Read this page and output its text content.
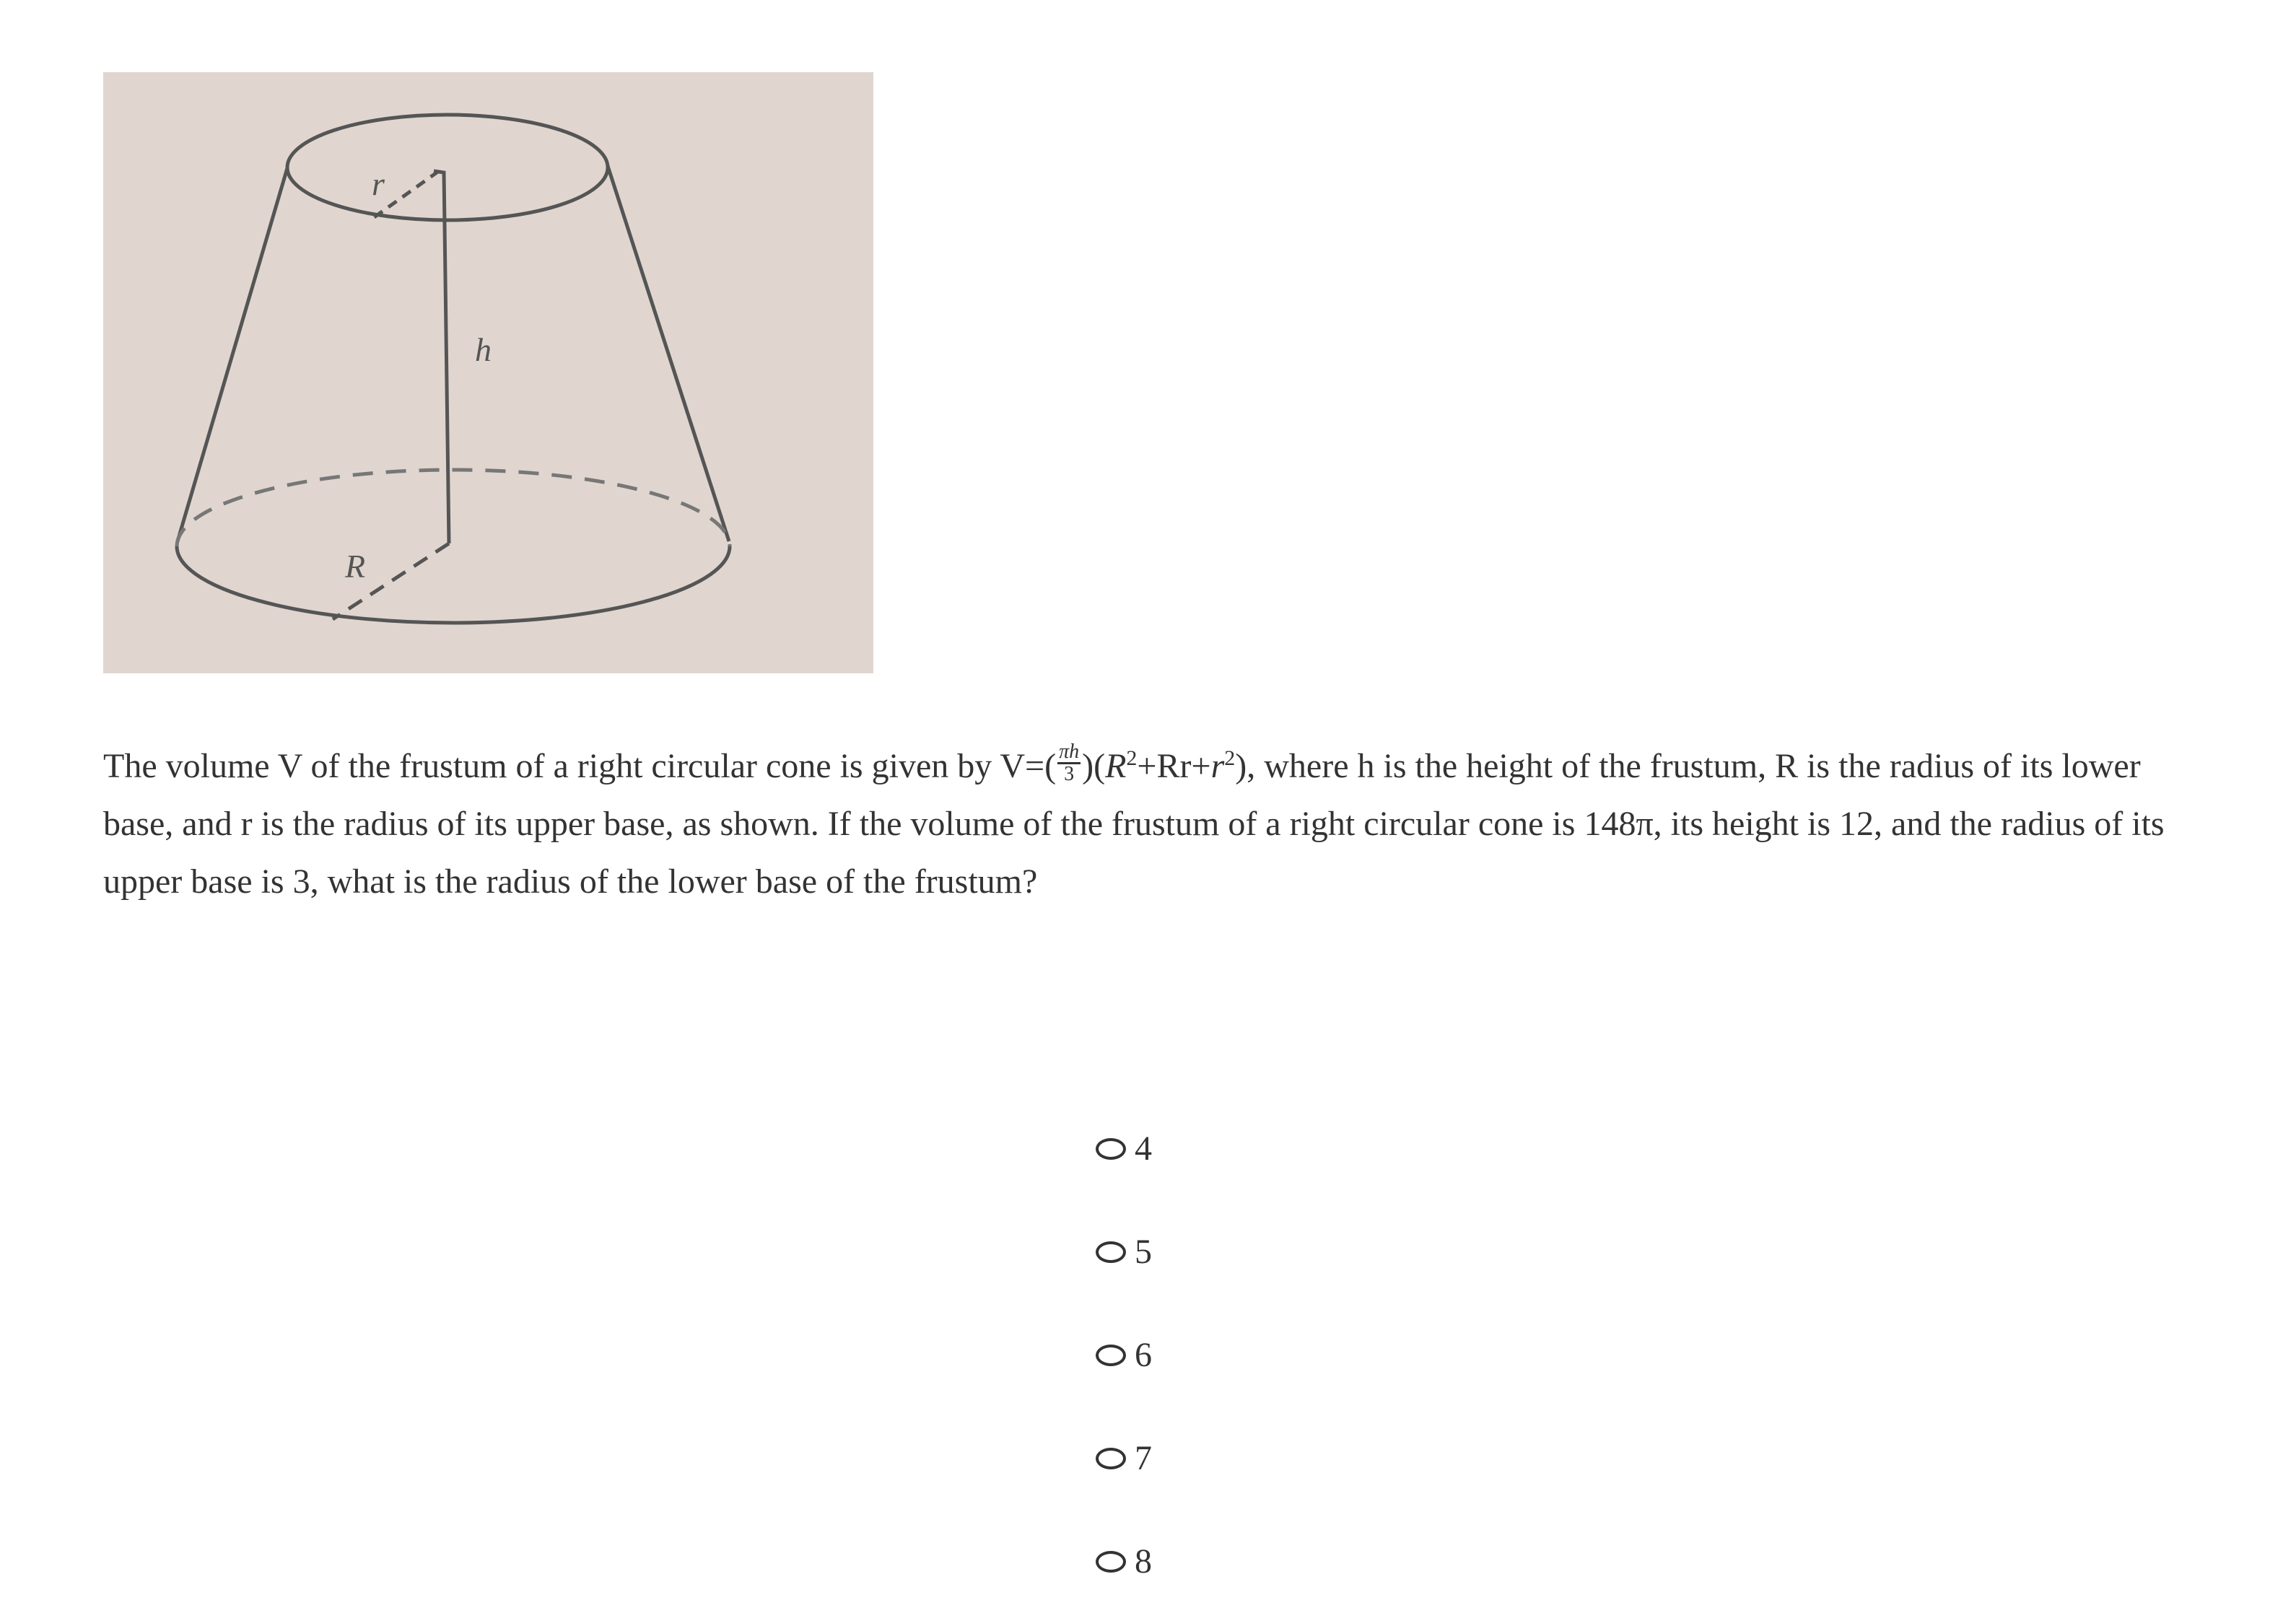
r
h
R
The volume V of the frustum of a right circular cone is given by $V=( \frac{\pi h}{3} )(R^2+Rr+r^2)$, where h is the height of the frustum, R is the radius of its lower base, and r is the radius of its upper base, as shown. If the volume of the frustum of a right circular cone is 148π, its height is 12, and the radius of its upper base is 3, what is the radius of the lower base of the frustum?
4
5
6
7
8
